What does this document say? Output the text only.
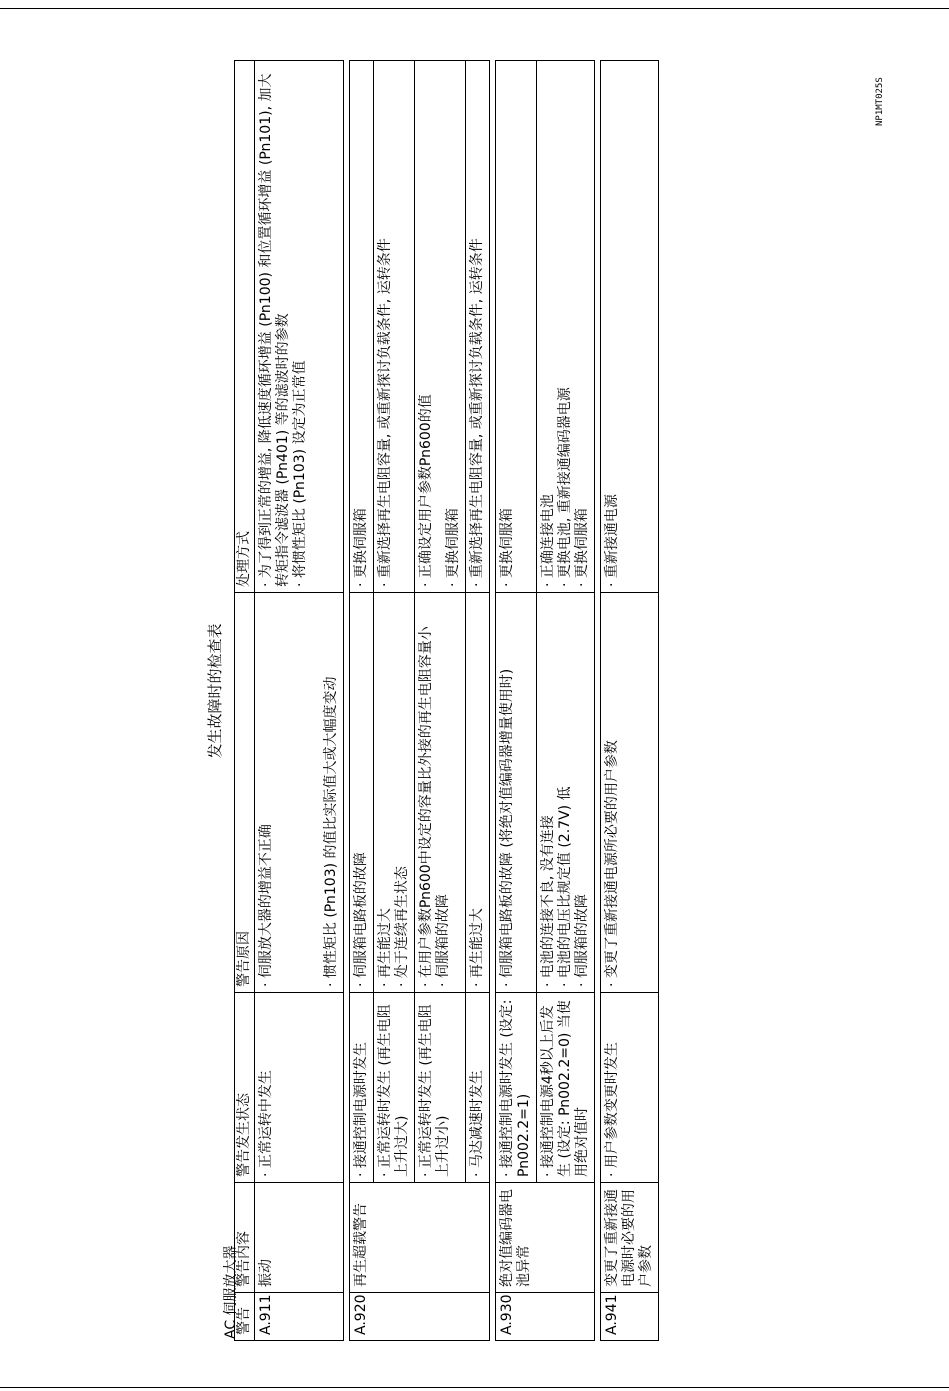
NP1MT025S
发生故障时的检查表
AC 伺服放大器
警告	警告内容	警告发生状态	警告原因	处理方式
A.911	振动	· 正常运转中发生	· 伺服放大器的增益不正确 · 惯性矩比 (Pn103) 的值比实际值大或大幅度变动	· 为了得到正常的增益, 降低速度循环增益 (Pn100) 和位置循环增益 (Pn101), 加大转矩指令滤波器 (Pn401) 等的滤波时的参数 · 将惯性矩比 (Pn103) 设定为正常值

A.920	再生超载警告	· 接通控制电源时发生	· 伺服箱电路板的故障	· 更换伺服箱

		· 正常运转时发生 (再生电阻上升过大)	· 再生能过大 · 处于连续再生状态	· 重新选择再生电阻容量, 或重新探讨负载条件, 运转条件

		· 正常运转时发生 (再生电阻上升过小)	· 在用户参数Pn600中设定的容量比外接的再生电阻容量小 · 伺服箱的故障	· 正确设定用户参数Pn600的值 · 更换伺服箱

		· 马达减速时发生	· 再生能过大	· 重新选择再生电阻容量, 或重新探讨负载条件, 运转条件

A.930	绝对值编码器电池异常	· 接通控制电源时发生 (设定: Pn002.2=1)	· 伺服箱电路板的故障 (将绝对值编码器增量使用时)	· 更换伺服箱

		· 接通控制电源4秒以上后发生 (设定: Pn002.2=0) 当使用绝对值时	· 电池的连接不良, 没有连接 · 电池的电压比规定值 (2.7V) 低 · 伺服箱的故障	· 正确连接电池 · 更换电池, 重新接通编码器电源 · 更换伺服箱

A.941	变更了重新接通电源时必要的用户参数	· 用户参数变更时发生	· 变更了重新接通电源所必要的用户参数	· 重新接通电源
